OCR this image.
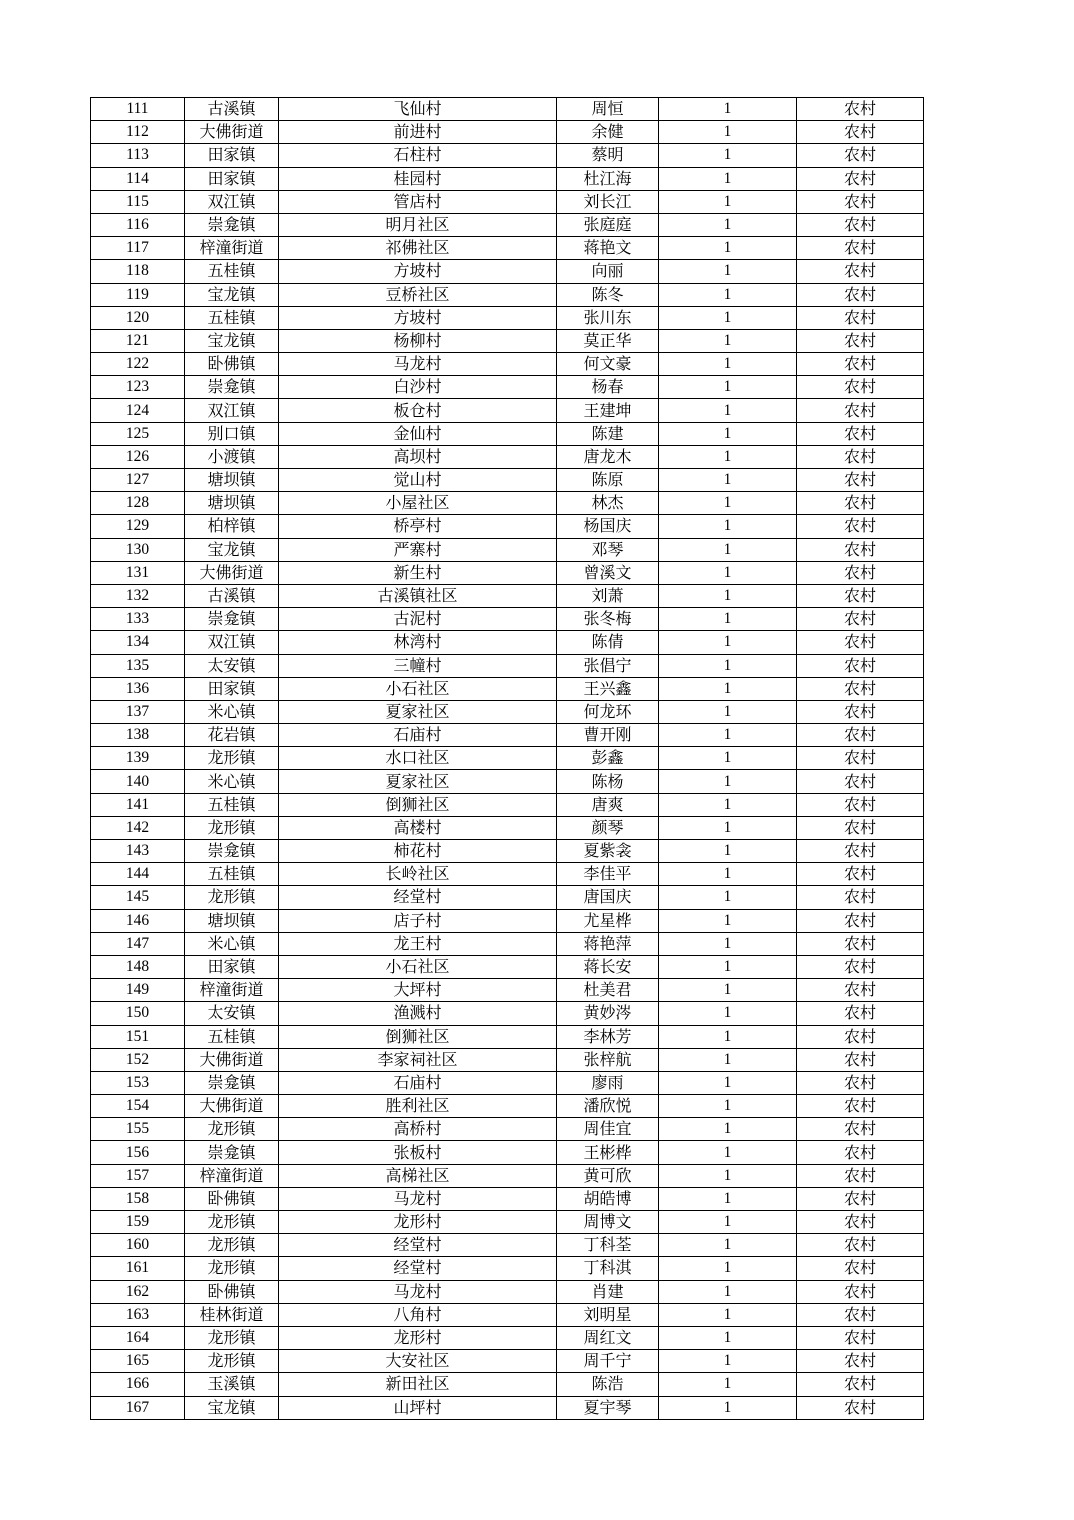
111	古溪镇	飞仙村	周恒	1	农村
112	大佛街道	前进村	余健	1	农村
113	田家镇	石柱村	蔡明	1	农村
114	田家镇	桂园村	杜江海	1	农村
115	双江镇	管店村	刘长江	1	农村
116	崇龛镇	明月社区	张庭庭	1	农村
117	梓潼街道	祁佛社区	蒋艳文	1	农村
118	五桂镇	方坡村	向丽	1	农村
119	宝龙镇	豆桥社区	陈冬	1	农村
120	五桂镇	方坡村	张川东	1	农村
121	宝龙镇	杨柳村	莫正华	1	农村
122	卧佛镇	马龙村	何文豪	1	农村
123	崇龛镇	白沙村	杨春	1	农村
124	双江镇	板仓村	王建坤	1	农村
125	别口镇	金仙村	陈建	1	农村
126	小渡镇	高坝村	唐龙木	1	农村
127	塘坝镇	觉山村	陈原	1	农村
128	塘坝镇	小屋社区	林杰	1	农村
129	柏梓镇	桥亭村	杨国庆	1	农村
130	宝龙镇	严寨村	邓琴	1	农村
131	大佛街道	新生村	曾溪文	1	农村
132	古溪镇	古溪镇社区	刘萧	1	农村
133	崇龛镇	古泥村	张冬梅	1	农村
134	双江镇	林湾村	陈倩	1	农村
135	太安镇	三幢村	张倡宁	1	农村
136	田家镇	小石社区	王兴鑫	1	农村
137	米心镇	夏家社区	何龙环	1	农村
138	花岩镇	石庙村	曹开刚	1	农村
139	龙形镇	水口社区	彭鑫	1	农村
140	米心镇	夏家社区	陈杨	1	农村
141	五桂镇	倒狮社区	唐爽	1	农村
142	龙形镇	高楼村	颜琴	1	农村
143	崇龛镇	柿花村	夏紫衾	1	农村
144	五桂镇	长岭社区	李佳平	1	农村
145	龙形镇	经堂村	唐国庆	1	农村
146	塘坝镇	店子村	尤星桦	1	农村
147	米心镇	龙王村	蒋艳萍	1	农村
148	田家镇	小石社区	蒋长安	1	农村
149	梓潼街道	大坪村	杜美君	1	农村
150	太安镇	渔溅村	黄妙涔	1	农村
151	五桂镇	倒狮社区	李林芳	1	农村
152	大佛街道	李家祠社区	张梓航	1	农村
153	崇龛镇	石庙村	廖雨	1	农村
154	大佛街道	胜利社区	潘欣悦	1	农村
155	龙形镇	高桥村	周佳宜	1	农村
156	崇龛镇	张板村	王彬桦	1	农村
157	梓潼街道	高梯社区	黄可欣	1	农村
158	卧佛镇	马龙村	胡皓博	1	农村
159	龙形镇	龙形村	周博文	1	农村
160	龙形镇	经堂村	丁科荃	1	农村
161	龙形镇	经堂村	丁科淇	1	农村
162	卧佛镇	马龙村	肖建	1	农村
163	桂林街道	八角村	刘明星	1	农村
164	龙形镇	龙形村	周红文	1	农村
165	龙形镇	大安社区	周千宁	1	农村
166	玉溪镇	新田社区	陈浩	1	农村
167	宝龙镇	山坪村	夏宇琴	1	农村
